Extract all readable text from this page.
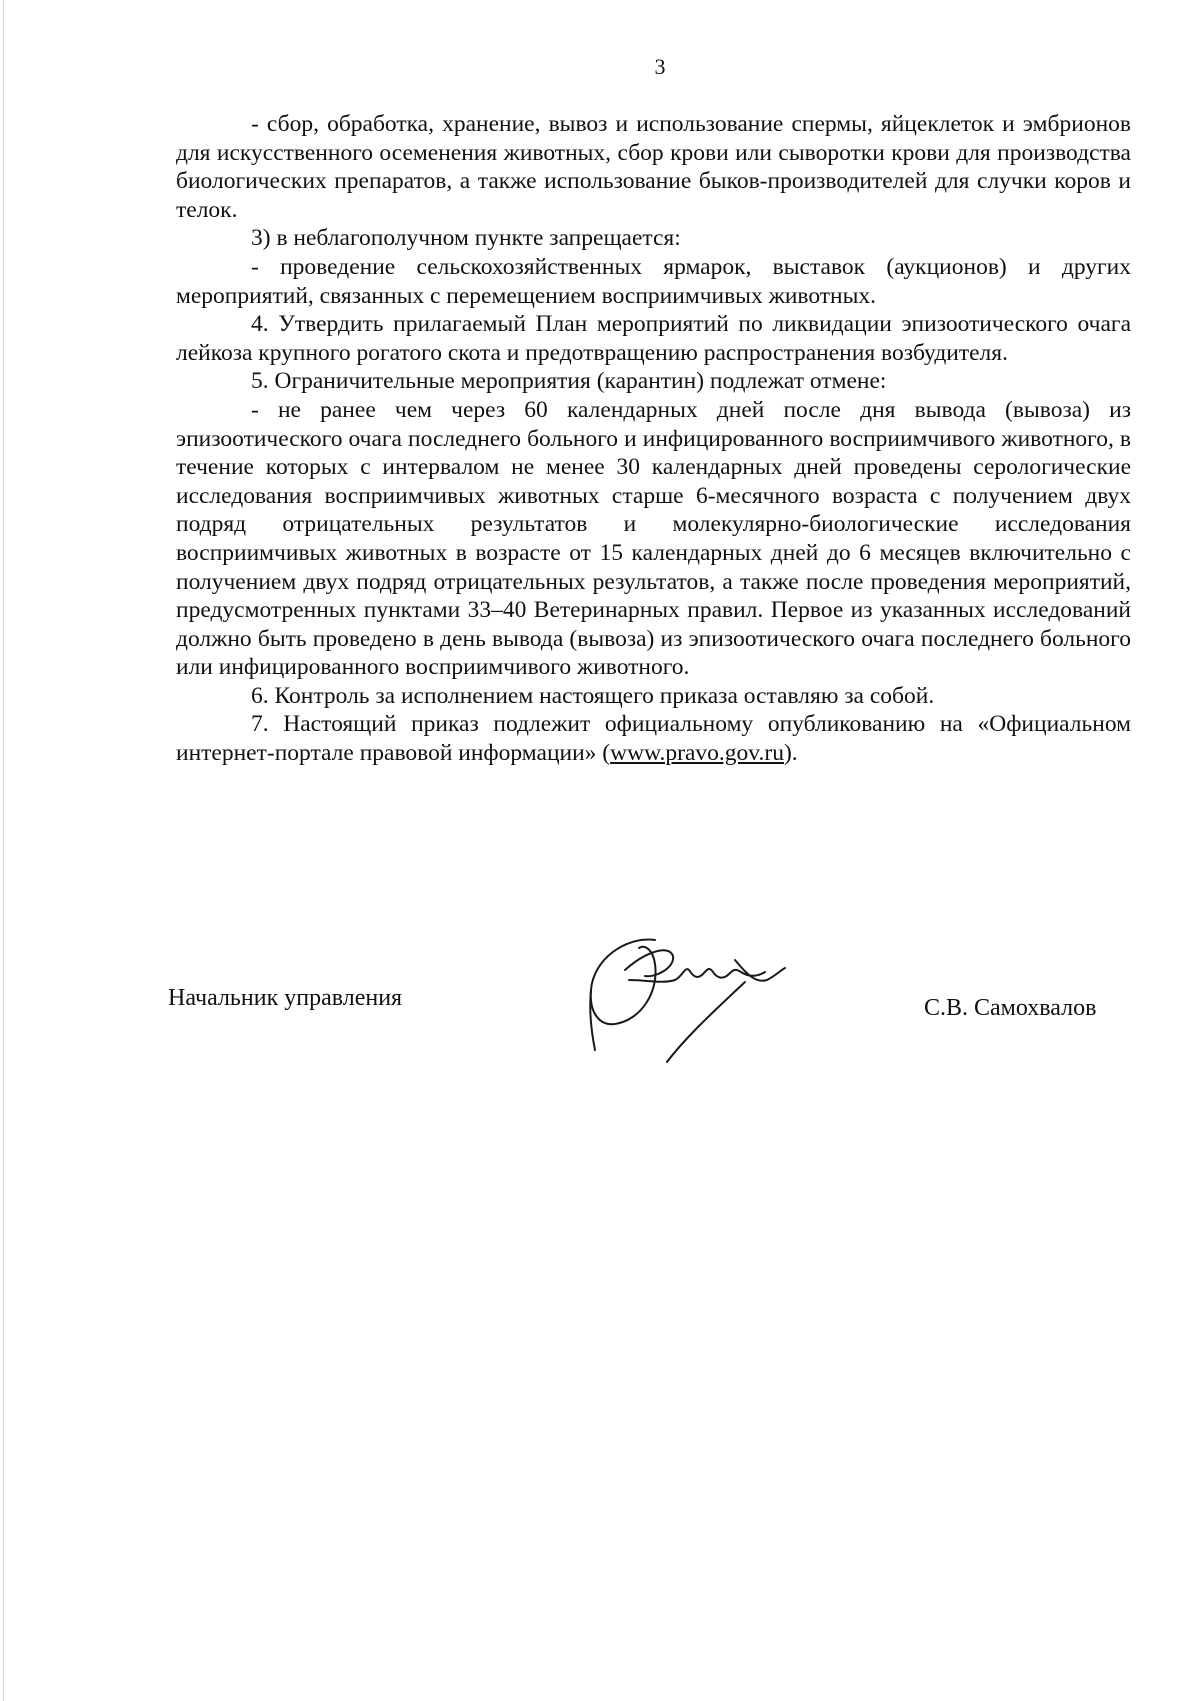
3

- сбор, обработка, хранение, вывоз и использование спермы, яйцеклеток и эмбрионов для искусственного осеменения животных, сбор крови или сыворотки крови для производства биологических препаратов, а также использование быков-производителей для случки коров и телок.

3) в неблагополучном пункте запрещается:

- проведение сельскохозяйственных ярмарок, выставок (аукционов) и других мероприятий, связанных с перемещением восприимчивых животных.

4. Утвердить прилагаемый План мероприятий по ликвидации эпизоотического очага лейкоза крупного рогатого скота и предотвращению распространения возбудителя.

5. Ограничительные мероприятия (карантин) подлежат отмене:

- не ранее чем через 60 календарных дней после дня вывода (вывоза) из эпизоотического очага последнего больного и инфицированного восприимчивого животного, в течение которых с интервалом не менее 30 календарных дней проведены серологические исследования восприимчивых животных старше 6-месячного возраста с получением двух подряд отрицательных результатов и молекулярно-биологические исследования восприимчивых животных в возрасте от 15 календарных дней до 6 месяцев включительно с получением двух подряд отрицательных результатов, а также после проведения мероприятий, предусмотренных пунктами 33–40 Ветеринарных правил. Первое из указанных исследований должно быть проведено в день вывода (вывоза) из эпизоотического очага последнего больного или инфицированного восприимчивого животного.

6. Контроль за исполнением настоящего приказа оставляю за собой.

7. Настоящий приказ подлежит официальному опубликованию на «Официальном интернет-портале правовой информации» (www.pravo.gov.ru).

Начальник управления	С.В. Самохвалов
